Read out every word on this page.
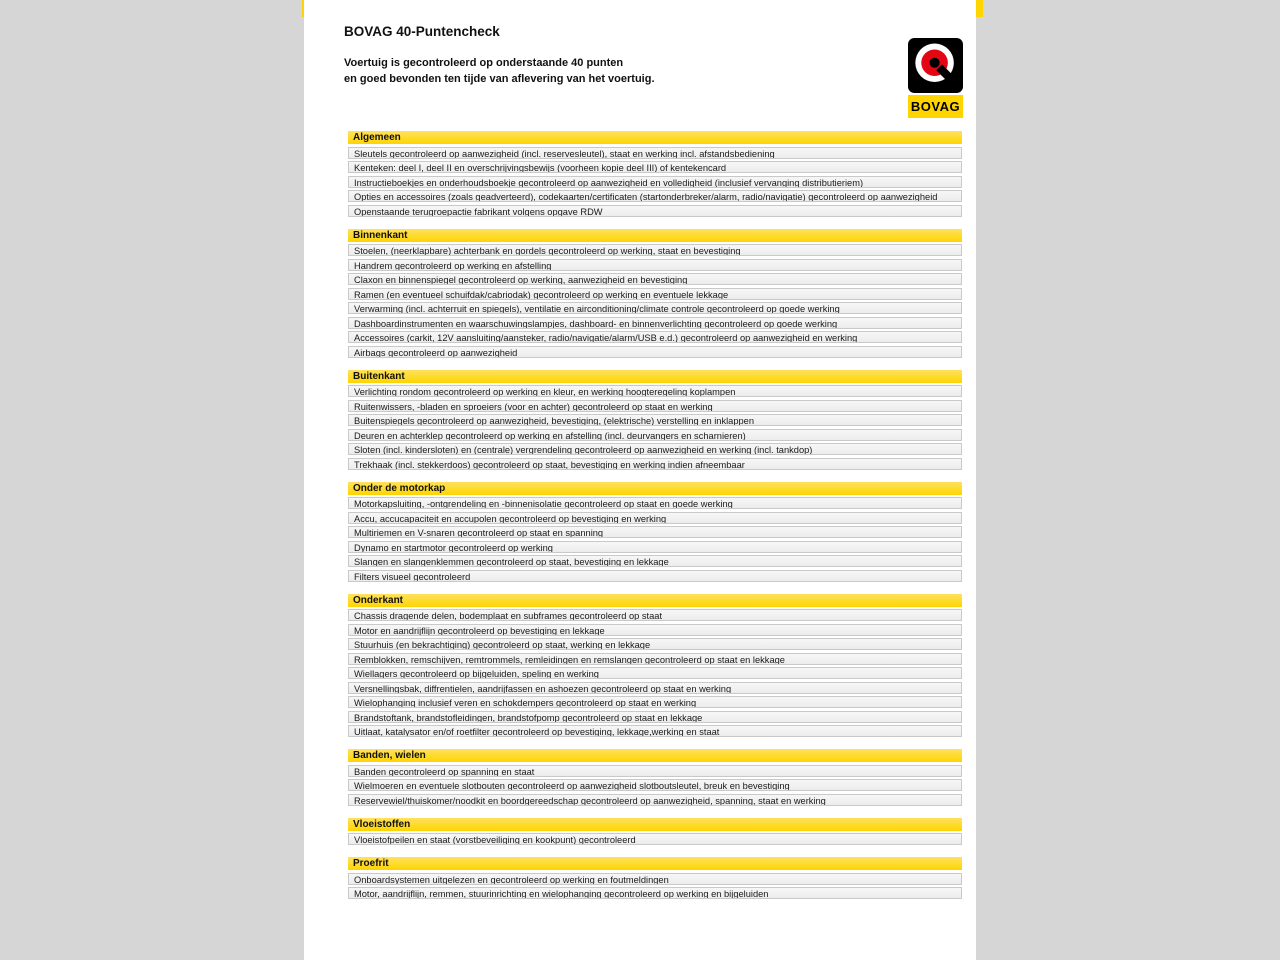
BOVAG 40-Puntencheck

Voertuig is gecontroleerd op onderstaande 40 punten
en goed bevonden ten tijde van aflevering van het voertuig.

BOVAG
Algemeen
Sleutels gecontroleerd op aanwezigheid (incl. reservesleutel), staat en werking incl. afstandsbediening
Kenteken: deel I, deel II en overschrijvingsbewijs (voorheen kopie deel III) of kentekencard
Instructieboekjes en onderhoudsboekje gecontroleerd op aanwezigheid en volledigheid (inclusief vervanging distributieriem)
Opties en accessoires (zoals geadverteerd), codekaarten/certificaten (startonderbreker/alarm, radio/navigatie) gecontroleerd op aanwezigheid
Openstaande terugroepactie fabrikant volgens opgave RDW
Binnenkant
Stoelen, (neerklapbare) achterbank en gordels gecontroleerd op werking, staat en bevestiging
Handrem gecontroleerd op werking en afstelling
Claxon en binnenspiegel gecontroleerd op werking, aanwezigheid en bevestiging
Ramen (en eventueel schuifdak/cabriodak) gecontroleerd op werking en eventuele lekkage
Verwarming (incl. achterruit en spiegels), ventilatie en airconditioning/climate controle gecontroleerd op goede werking
Dashboardinstrumenten en waarschuwingslampjes, dashboard- en binnenverlichting gecontroleerd op goede werking
Accessoires (carkit, 12V aansluiting/aansteker, radio/navigatie/alarm/USB e.d.) gecontroleerd op aanwezigheid en werking
Airbags gecontroleerd op aanwezigheid
Buitenkant
Verlichting rondom gecontroleerd op werking en kleur, en werking hoogteregeling koplampen
Ruitenwissers, -bladen en sproeiers (voor en achter) gecontroleerd op staat en werking
Buitenspiegels gecontroleerd op aanwezigheid, bevestiging, (elektrische) verstelling en inklappen
Deuren en achterklep gecontroleerd op werking en afstelling (incl. deurvangers en scharnieren)
Sloten (incl. kindersloten) en (centrale) vergrendeling gecontroleerd op aanwezigheid en werking (incl. tankdop)
Trekhaak (incl. stekkerdoos) gecontroleerd op staat, bevestiging en werking indien afneembaar
Onder de motorkap
Motorkapsluiting, -ontgrendeling en -binnenisolatie gecontroleerd op staat en goede werking
Accu, accucapaciteit en accupolen gecontroleerd op bevestiging en werking
Multiriemen en V-snaren gecontroleerd op staat en spanning
Dynamo en startmotor gecontroleerd op werking
Slangen en slangenklemmen gecontroleerd op staat, bevestiging en lekkage
Filters visueel gecontroleerd
Onderkant
Chassis dragende delen, bodemplaat en subframes gecontroleerd op staat
Motor en aandrijflijn gecontroleerd op bevestiging en lekkage
Stuurhuis (en bekrachtiging) gecontroleerd op staat, werking en lekkage
Remblokken, remschijven, remtrommels, remleidingen en remslangen gecontroleerd op staat en lekkage
Wiellagers gecontroleerd op bijgeluiden, speling en werking
Versnellingsbak, diffrentielen, aandrijfassen en ashoezen gecontroleerd op staat en werking
Wielophanging inclusief veren en schokdempers gecontroleerd op staat en werking
Brandstoftank, brandstofleidingen, brandstofpomp gecontroleerd op staat en lekkage
Uitlaat, katalysator en/of roetfilter gecontroleerd op bevestiging, lekkage,werking en staat
Banden, wielen
Banden gecontroleerd op spanning en staat
Wielmoeren en eventuele slotbouten gecontroleerd op aanwezigheid slotboutsleutel, breuk en bevestiging
Reservewiel/thuiskomer/noodkit en boordgereedschap gecontroleerd op aanwezigheid, spanning, staat en werking
Vloeistoffen
Vloeistofpeilen en staat (vorstbeveiliging en kookpunt) gecontroleerd
Proefrit
Onboardsystemen uitgelezen en gecontroleerd op werking en foutmeldingen
Motor, aandrijflijn, remmen, stuurinrichting en wielophanging gecontroleerd op werking en bijgeluiden
